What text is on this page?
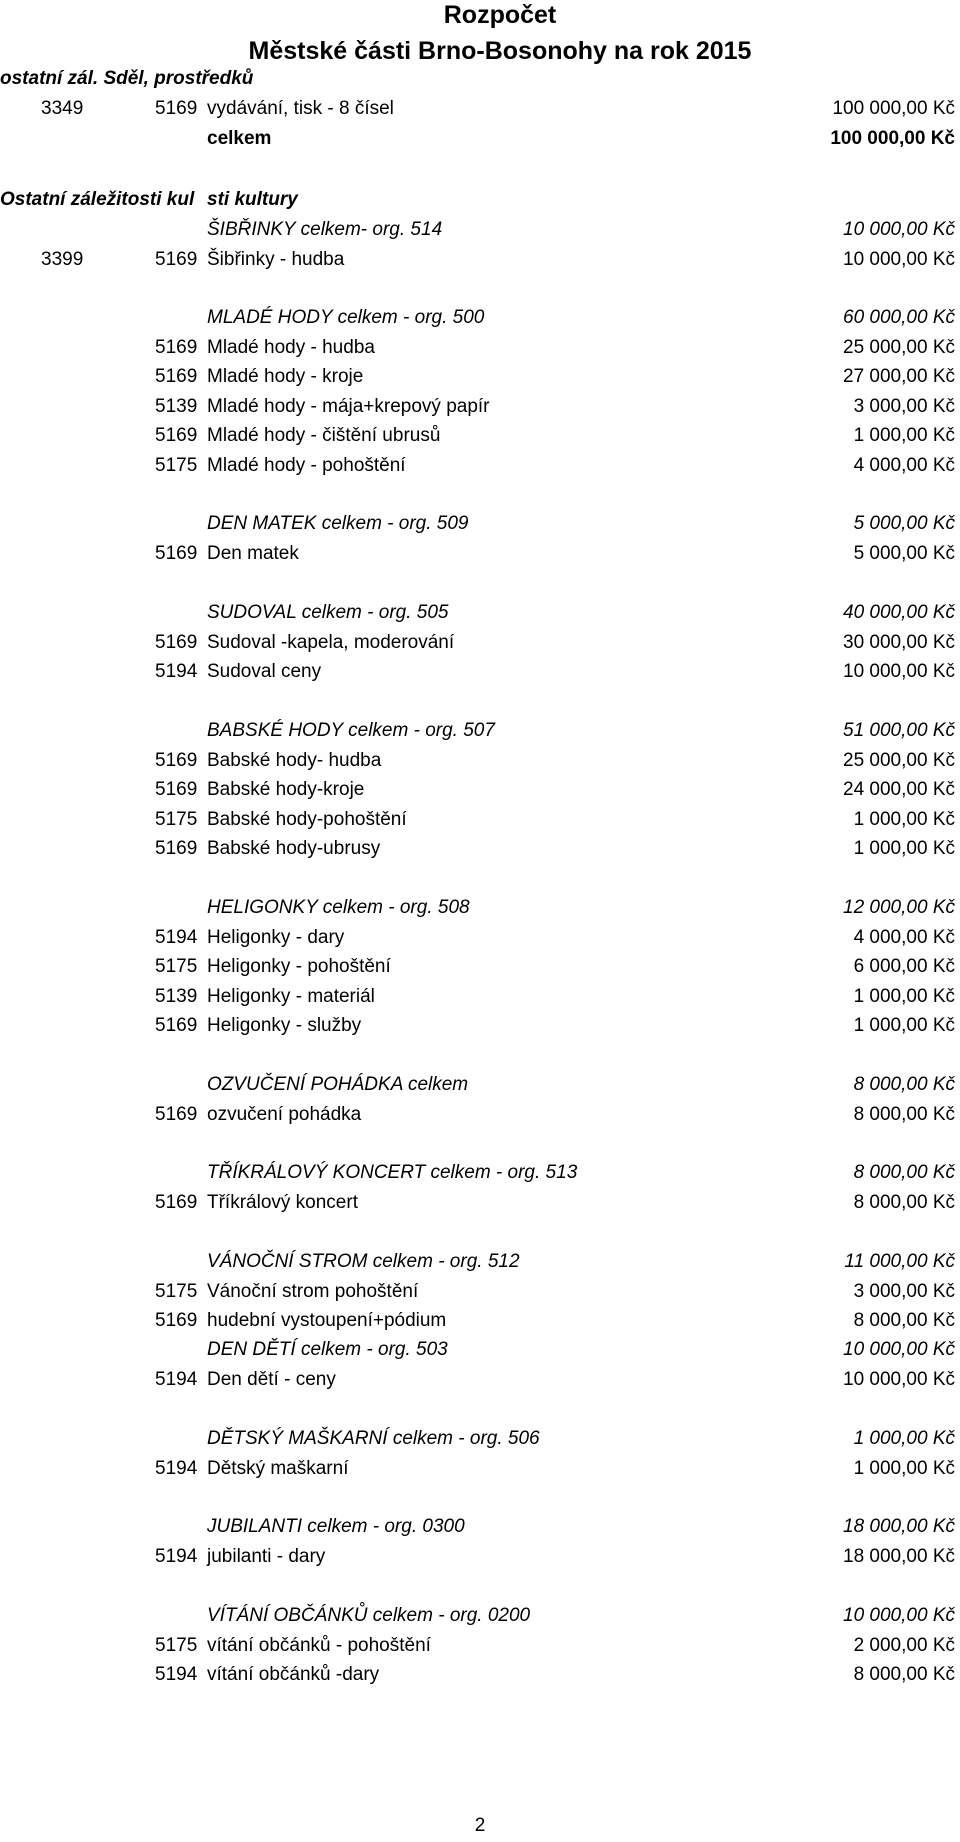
Rozpočet
Městské části Brno-Bosonohy na rok 2015
ostatní zál. Sděl, prostředků
3349	5169 vydávání, tisk - 8 čísel	100 000,00 Kč
celkem	100 000,00 Kč
Ostatní záležitosti kul sti kultury
ŠIBŘINKY celkem- org. 514	10 000,00 Kč
3399	5169 Šibřinky - hudba	10 000,00 Kč
MLADÉ HODY celkem - org. 500	60 000,00 Kč
5169 Mladé hody - hudba	25 000,00 Kč
5169 Mladé hody - kroje	27 000,00 Kč
5139 Mladé hody - mája+krepový papír	3 000,00 Kč
5169 Mladé hody - čištění ubrusů	1 000,00 Kč
5175 Mladé hody - pohoštění	4 000,00 Kč
DEN MATEK celkem - org. 509	5 000,00 Kč
5169 Den matek	5 000,00 Kč
SUDOVAL celkem - org. 505	40 000,00 Kč
5169 Sudoval -kapela, moderování	30 000,00 Kč
5194 Sudoval ceny	10 000,00 Kč
BABSKÉ HODY celkem - org. 507	51 000,00 Kč
5169 Babské hody- hudba	25 000,00 Kč
5169 Babské hody-kroje	24 000,00 Kč
5175 Babské hody-pohoštění	1 000,00 Kč
5169 Babské hody-ubrusy	1 000,00 Kč
HELIGONKY celkem - org. 508	12 000,00 Kč
5194 Heligonky - dary	4 000,00 Kč
5175 Heligonky - pohoštění	6 000,00 Kč
5139 Heligonky - materiál	1 000,00 Kč
5169 Heligonky - služby	1 000,00 Kč
OZVUČENÍ POHÁDKA celkem	8 000,00 Kč
5169 ozvučení pohádka	8 000,00 Kč
TŘÍKRÁLOVÝ KONCERT celkem - org. 513	8 000,00 Kč
5169 Tříkrálový koncert	8 000,00 Kč
VÁNOČNÍ STROM celkem - org. 512	11 000,00 Kč
5175 Vánoční strom pohoštění	3 000,00 Kč
5169 hudební vystoupení+pódium	8 000,00 Kč
DEN DĚTÍ celkem - org. 503	10 000,00 Kč
5194 Den dětí - ceny	10 000,00 Kč
DĚTSKÝ MAŠKARNÍ celkem - org. 506	1 000,00 Kč
5194 Dětský maškarní	1 000,00 Kč
JUBILANTI celkem - org. 0300	18 000,00 Kč
5194 jubilanti - dary	18 000,00 Kč
VÍTÁNÍ OBČÁNKŮ celkem - org. 0200	10 000,00 Kč
5175 vítání občánků - pohoštění	2 000,00 Kč
5194 vítání občánků -dary	8 000,00 Kč
2
